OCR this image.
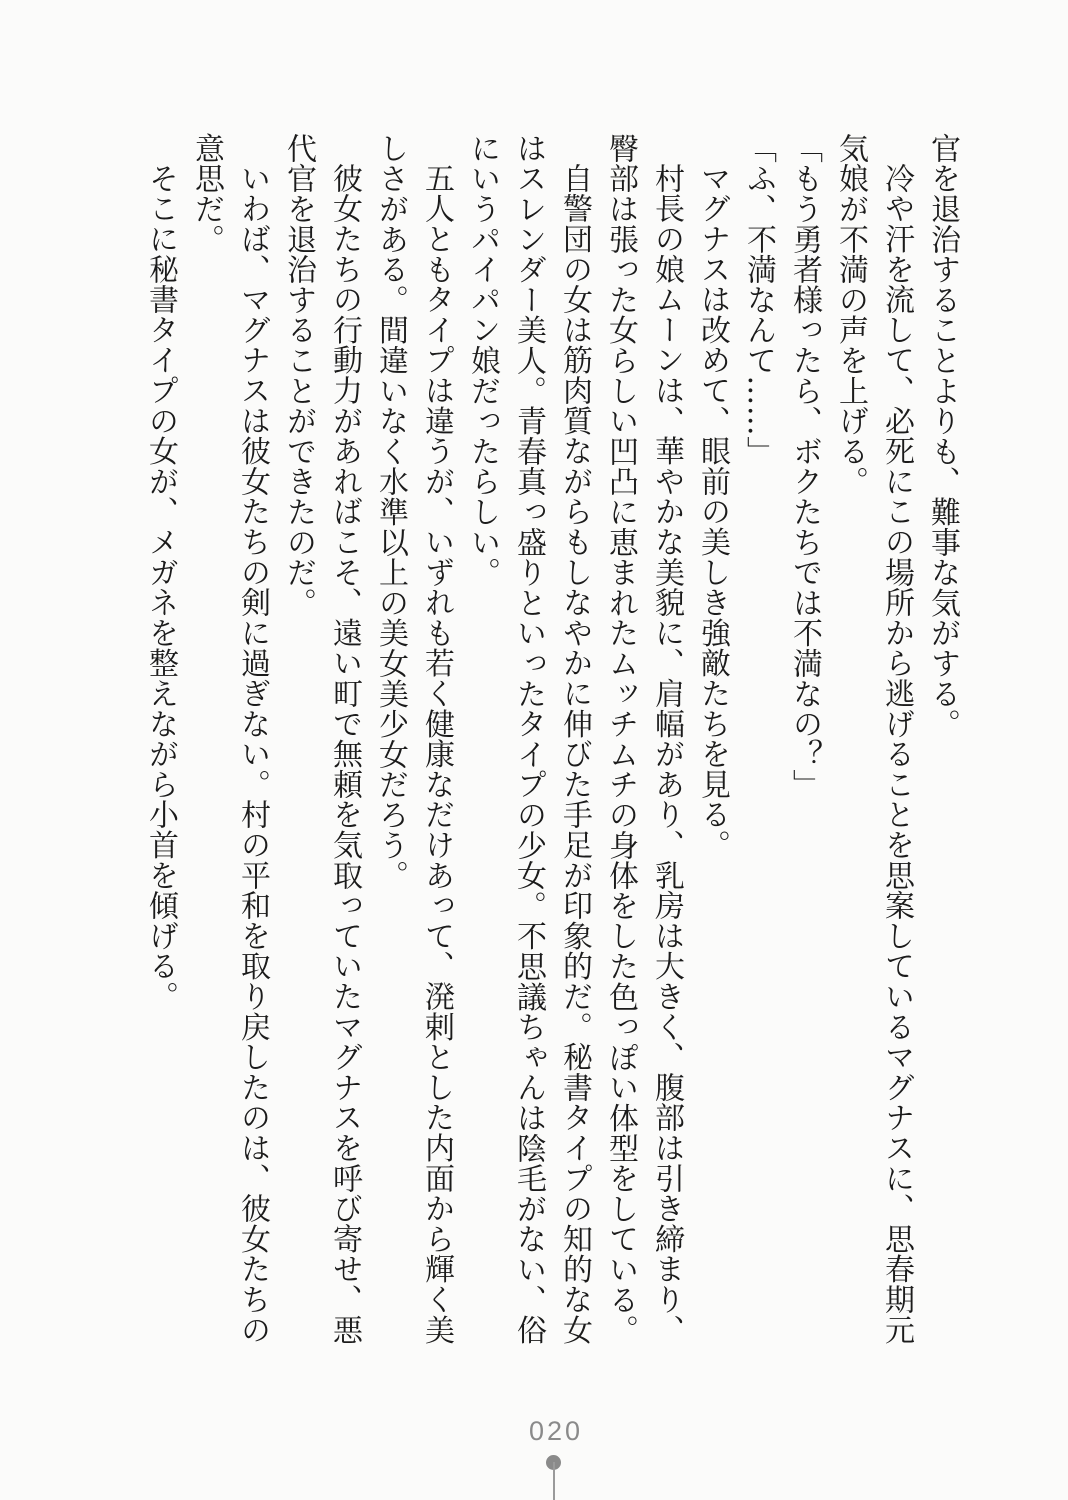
官を退治することよりも、難事な気がする。
冷や汗を流して、必死にこの場所から逃げることを思案しているマグナスに、思春期元
気娘が不満の声を上げる。
「もう勇者様ったら、ボクたちでは不満なの？」
「ふ、不満なんて……」
マグナスは改めて、眼前の美しき強敵たちを見る。
村長の娘ムーンは、華やかな美貌に、肩幅があり、乳房は大きく、腹部は引き締まり、
臀部は張った女らしい凹凸に恵まれたムッチムチの身体をした色っぽい体型をしている。
自警団の女は筋肉質ながらもしなやかに伸びた手足が印象的だ。秘書タイプの知的な女
はスレンダー美人。青春真っ盛りといったタイプの少女。不思議ちゃんは陰毛がない、俗
にいうパイパン娘だったらしい。
五人ともタイプは違うが、いずれも若く健康なだけあって、溌剌とした内面から輝く美
しさがある。間違いなく水準以上の美女美少女だろう。
彼女たちの行動力があればこそ、遠い町で無頼を気取っていたマグナスを呼び寄せ、悪
代官を退治することができたのだ。
いわば、マグナスは彼女たちの剣に過ぎない。村の平和を取り戻したのは、彼女たちの
意思だ。
そこに秘書タイプの女が、メガネを整えながら小首を傾げる。
020
